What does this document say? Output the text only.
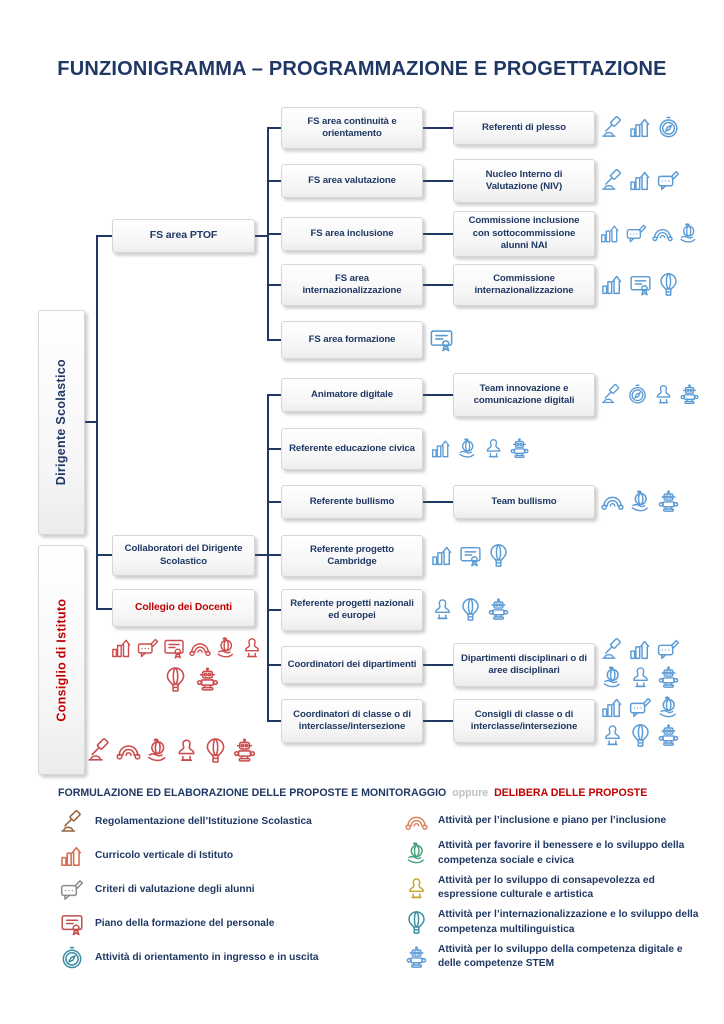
FUNZIONIGRAMMA – PROGRAMMAZIONE E PROGETTAZIONE
Dirigente Scolastico
Consiglio di Istituto
FS area PTOF
Collaboratori del Dirigente Scolastico
Collegio dei Docenti
FS area continuità e orientamento
FS area valutazione
FS area inclusione
FS area internazionalizzazione
FS area formazione
Animatore digitale
Referente educazione civica
Referente bullismo
Referente progetto Cambridge
Referente progetti nazionali ed europei
Coordinatori dei dipartimenti
Coordinatori di classe o di interclasse/intersezione
Referenti di plesso
Nucleo Interno di Valutazione (NIV)
Commissione inclusione con sottocommissione alunni NAI
Commissione internazionalizzazione
Team innovazione e comunicazione digitali
Team bullismo
Dipartimenti disciplinari o di aree disciplinari
Consigli di classe o di interclasse/intersezione
FORMULAZIONE ED ELABORAZIONE DELLE PROPOSTE E MONITORAGGIO oppure DELIBERA DELLE PROPOSTE
Regolamentazione dell’Istituzione Scolastica
Curricolo verticale di Istituto
Criteri di valutazione degli alunni
Piano della formazione del personale
Attività di orientamento in ingresso e in uscita
Attività per l’inclusione e piano per l’inclusione
Attività per favorire il benessere e lo sviluppo della competenza sociale e civica
Attività per lo sviluppo di consapevolezza ed espressione culturale e artistica
Attività per l’internazionalizzazione e lo sviluppo della competenza multilinguistica
Attività per lo sviluppo della competenza digitale e delle competenze STEM
